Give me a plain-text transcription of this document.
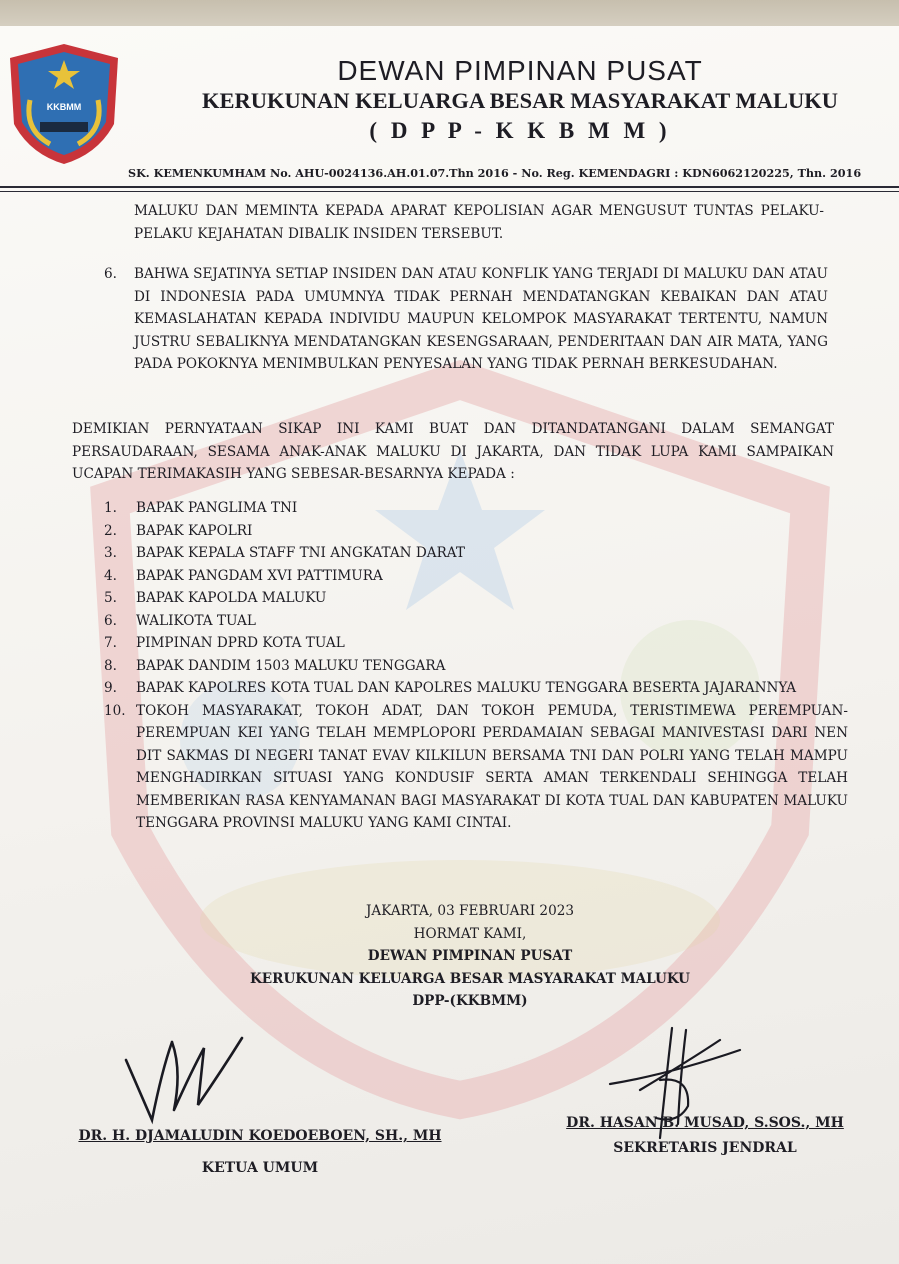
KKBMM
DEWAN PIMPINAN PUSAT
KERUKUNAN KELUARGA BESAR MASYARAKAT MALUKU
( D P P - K K B M M )
SK. KEMENKUMHAM No. AHU-0024136.AH.01.07.Thn 2016 - No. Reg. KEMENDAGRI : KDN6062120225, Thn. 2016
MALUKU DAN MEMINTA KEPADA APARAT KEPOLISIAN AGAR MENGUSUT TUNTAS PELAKU-PELAKU KEJAHATAN DIBALIK INSIDEN TERSEBUT.
6. BAHWA SEJATINYA SETIAP INSIDEN DAN ATAU KONFLIK YANG TERJADI DI MALUKU DAN ATAU DI INDONESIA PADA UMUMNYA TIDAK PERNAH MENDATANGKAN KEBAIKAN DAN ATAU KEMASLAHATAN KEPADA INDIVIDU MAUPUN KELOMPOK MASYARAKAT TERTENTU, NAMUN JUSTRU SEBALIKNYA MENDATANGKAN KESENGSARAAN, PENDERITAAN DAN AIR MATA, YANG PADA POKOKNYA MENIMBULKAN PENYESALAN YANG TIDAK PERNAH BERKESUDAHAN.
DEMIKIAN PERNYATAAN SIKAP INI KAMI BUAT DAN DITANDATANGANI DALAM SEMANGAT PERSAUDARAAN, SESAMA ANAK-ANAK MALUKU DI JAKARTA, DAN TIDAK LUPA KAMI SAMPAIKAN UCAPAN TERIMAKASIH YANG SEBESAR-BESARNYA KEPADA :
1. BAPAK PANGLIMA TNI
2. BAPAK KAPOLRI
3. BAPAK KEPALA STAFF TNI ANGKATAN DARAT
4. BAPAK PANGDAM XVI PATTIMURA
5. BAPAK KAPOLDA MALUKU
6. WALIKOTA TUAL
7. PIMPINAN DPRD KOTA TUAL
8. BAPAK DANDIM 1503 MALUKU TENGGARA
9. BAPAK KAPOLRES KOTA TUAL DAN KAPOLRES MALUKU TENGGARA BESERTA JAJARANNYA
10. TOKOH MASYARAKAT, TOKOH ADAT, DAN TOKOH PEMUDA, TERISTIMEWA PEREMPUAN-PEREMPUAN KEI YANG TELAH MEMPLOPORI PERDAMAIAN SEBAGAI MANIVESTASI DARI NEN DIT SAKMAS DI NEGERI TANAT EVAV KILKILUN BERSAMA TNI DAN POLRI YANG TELAH MAMPU MENGHADIRKAN SITUASI YANG KONDUSIF SERTA AMAN TERKENDALI SEHINGGA TELAH MEMBERIKAN RASA KENYAMANAN BAGI MASYARAKAT DI KOTA TUAL DAN KABUPATEN MALUKU TENGGARA PROVINSI MALUKU YANG KAMI CINTAI.
JAKARTA, 03 FEBRUARI 2023
HORMAT KAMI,
DEWAN PIMPINAN PUSAT
KERUKUNAN KELUARGA BESAR MASYARAKAT MALUKU
DPP-(KKBMM)
DR. H. DJAMALUDIN KOEDOEBOEN, SH., MH
KETUA UMUM
DR. HASAN B. MUSAD, S.SOS., MH
SEKRETARIS JENDRAL
